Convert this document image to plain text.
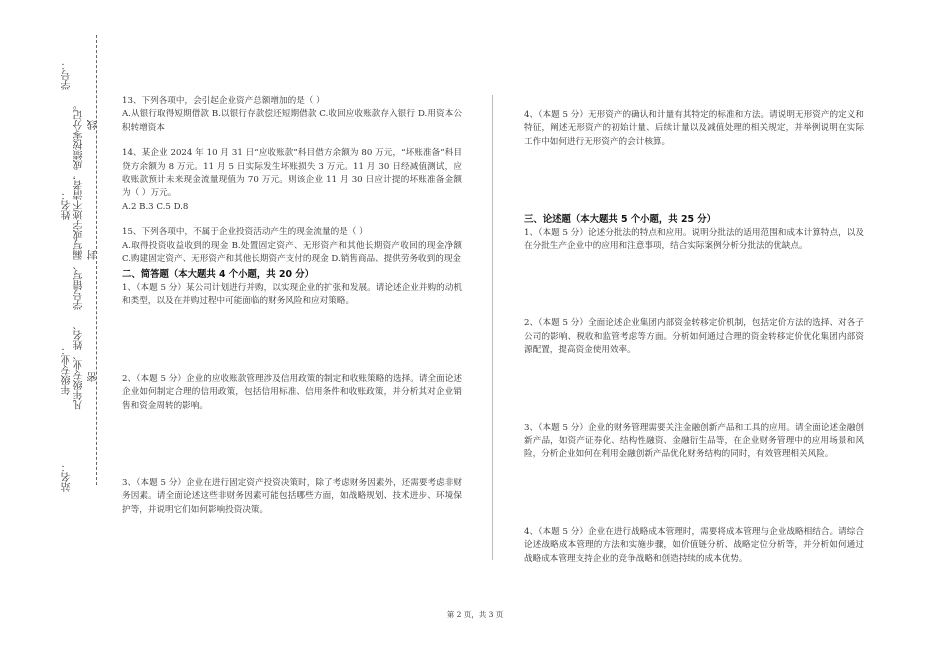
学号：
学号错写、漏写或字迹不清者，成绩按零分记。 线
姓名：
封
凡年级专业、姓名、
年级专业： 密
站名：

13、下列各项中，会引起企业资产总额增加的是（ ）

A.从银行取得短期借款 B.以银行存款偿还短期借款 C.收回应收账款存入银行 D.用资本公积转增资本

14、某企业 2024 年 10 月 31 日“应收账款”科目借方余额为 80 万元，“坏账准备”科目贷方余额为 8 万元。11 月 5 日实际发生坏账损失 3 万元。11 月 30 日经减值测试，应收账款预计未来现金流量现值为 70 万元。则该企业 11 月 30 日应计提的坏账准备金额为（ ）万元。

A.2 B.3 C.5 D.8

15、下列各项中，不属于企业投资活动产生的现金流量的是（ ）

A.取得投资收益收到的现金 B.处置固定资产、无形资产和其他长期资产收回的现金净额 C.购建固定资产、无形资产和其他长期资产支付的现金 D.销售商品、提供劳务收到的现金

二、简答题（本大题共 4 个小题，共 20 分）

1、（本题 5 分）某公司计划进行并购，以实现企业的扩张和发展。请论述企业并购的动机和类型，以及在并购过程中可能面临的财务风险和应对策略。

2、（本题 5 分）企业的应收账款管理涉及信用政策的制定和收账策略的选择。请全面论述企业如何制定合理的信用政策，包括信用标准、信用条件和收账政策，并分析其对企业销售和资金周转的影响。

3、（本题 5 分）企业在进行固定资产投资决策时，除了考虑财务因素外，还需要考虑非财务因素。请全面论述这些非财务因素可能包括哪些方面，如战略规划、技术进步、环境保护等，并说明它们如何影响投资决策。

4、（本题 5 分）无形资产的确认和计量有其特定的标准和方法。请说明无形资产的定义和特征，阐述无形资产的初始计量、后续计量以及减值处理的相关规定，并举例说明在实际工作中如何进行无形资产的会计核算。

三、论述题（本大题共 5 个小题，共 25 分）

1、（本题 5 分）论述分批法的特点和应用。说明分批法的适用范围和成本计算特点，以及在分批生产企业中的应用和注意事项，结合实际案例分析分批法的优缺点。

2、（本题 5 分）全面论述企业集团内部资金转移定价机制，包括定价方法的选择、对各子公司的影响、税收和监管考虑等方面。分析如何通过合理的资金转移定价优化集团内部资源配置，提高资金使用效率。

3、（本题 5 分）企业的财务管理需要关注金融创新产品和工具的应用。请全面论述金融创新产品，如资产证券化、结构性融资、金融衍生品等，在企业财务管理中的应用场景和风险，分析企业如何在利用金融创新产品优化财务结构的同时，有效管理相关风险。

4、（本题 5 分）企业在进行战略成本管理时，需要将成本管理与企业战略相结合。请综合论述战略成本管理的方法和实施步骤，如价值链分析、战略定位分析等，并分析如何通过战略成本管理支持企业的竞争战略和创造持续的成本优势。

第 2 页，共 3 页
